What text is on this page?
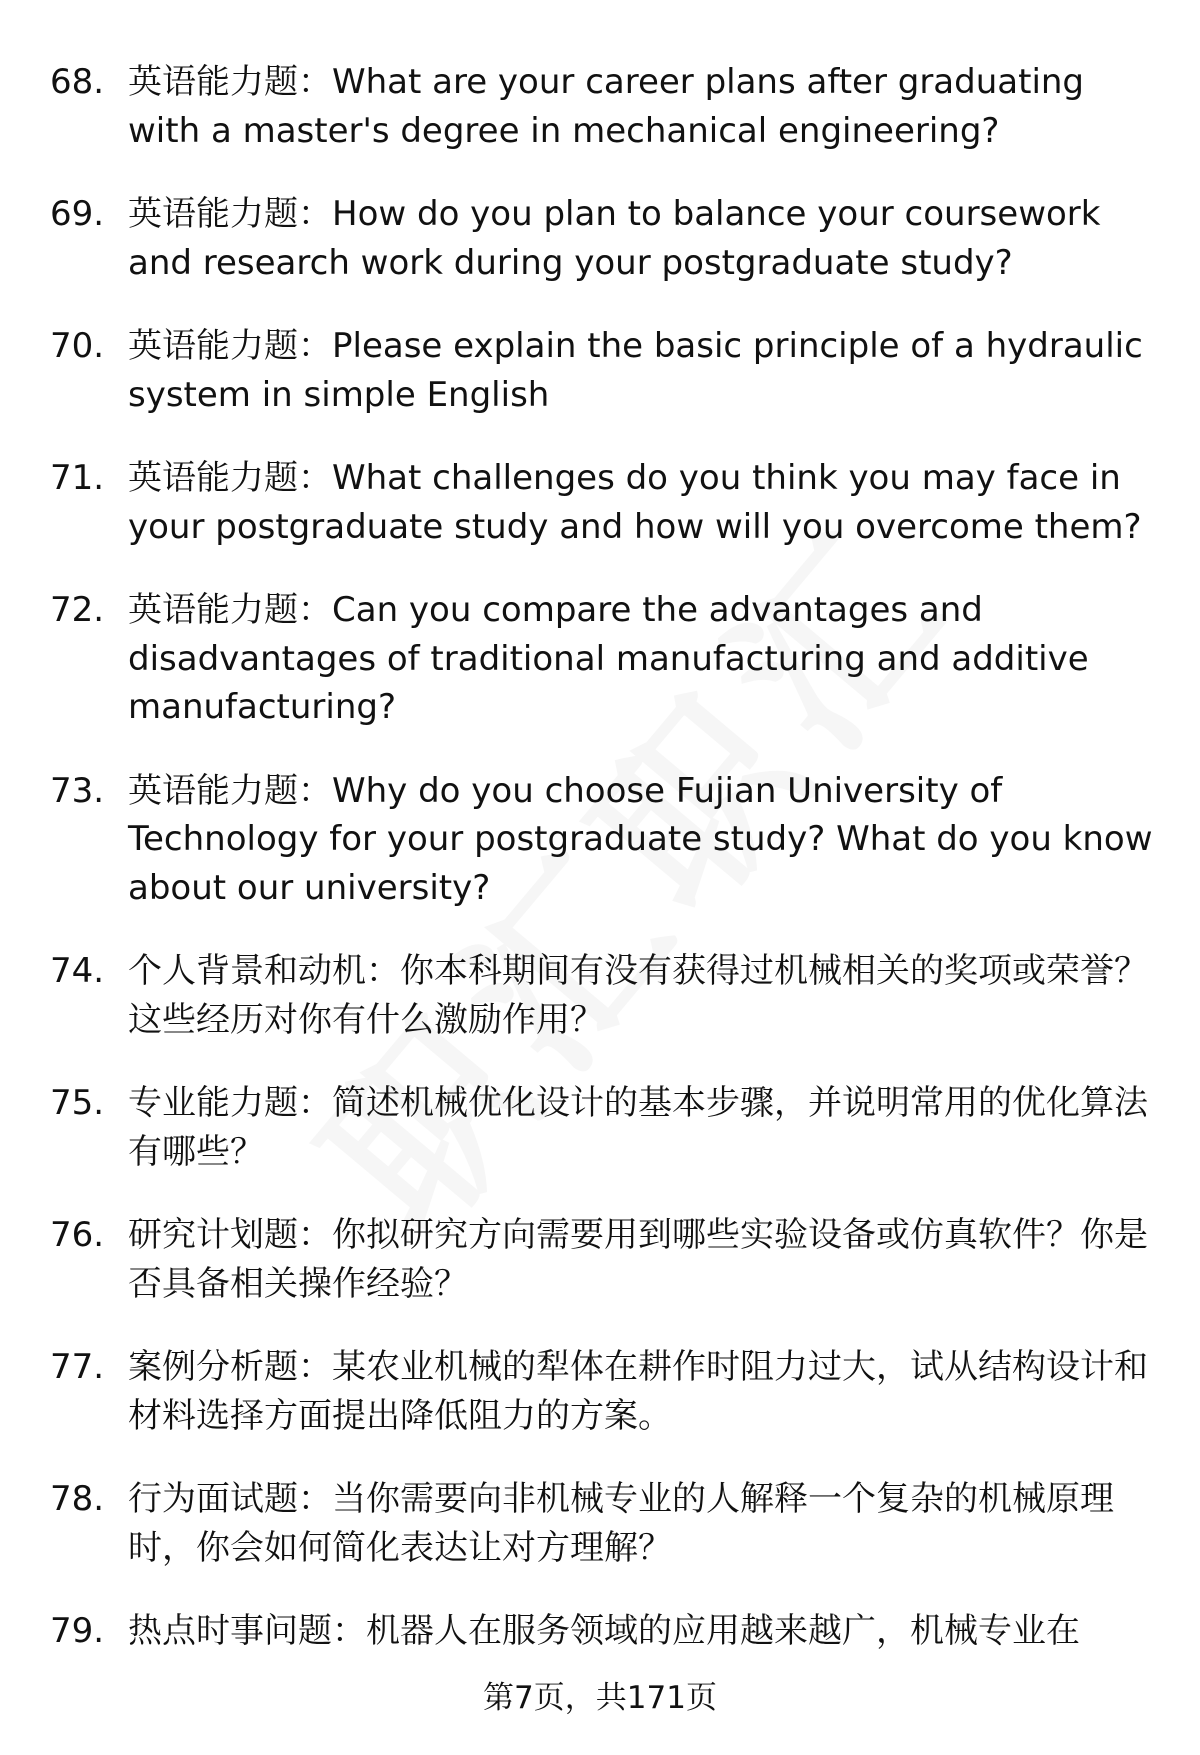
68. 英语能力题：What are your career plans after graduating with a master's degree in mechanical engineering?
69. 英语能力题：How do you plan to balance your coursework and research work during your postgraduate study?
70. 英语能力题：Please explain the basic principle of a hydraulic system in simple English
71. 英语能力题：What challenges do you think you may face in your postgraduate study and how will you overcome them?
72. 英语能力题：Can you compare the advantages and disadvantages of traditional manufacturing and additive manufacturing?
73. 英语能力题：Why do you choose Fujian University of Technology for your postgraduate study? What do you know about our university?
74. 个人背景和动机：你本科期间有没有获得过机械相关的奖项或荣誉？这些经历对你有什么激励作用？
75. 专业能力题：简述机械优化设计的基本步骤，并说明常用的优化算法有哪些？
76. 研究计划题：你拟研究方向需要用到哪些实验设备或仿真软件？你是否具备相关操作经验？
77. 案例分析题：某农业机械的犁体在耕作时阻力过大，试从结构设计和材料选择方面提出降低阻力的方案。
78. 行为面试题：当你需要向非机械专业的人解释一个复杂的机械原理时，你会如何简化表达让对方理解？
79. 热点时事问题：机器人在服务领域的应用越来越广，机械专业在
第7页，共171页
